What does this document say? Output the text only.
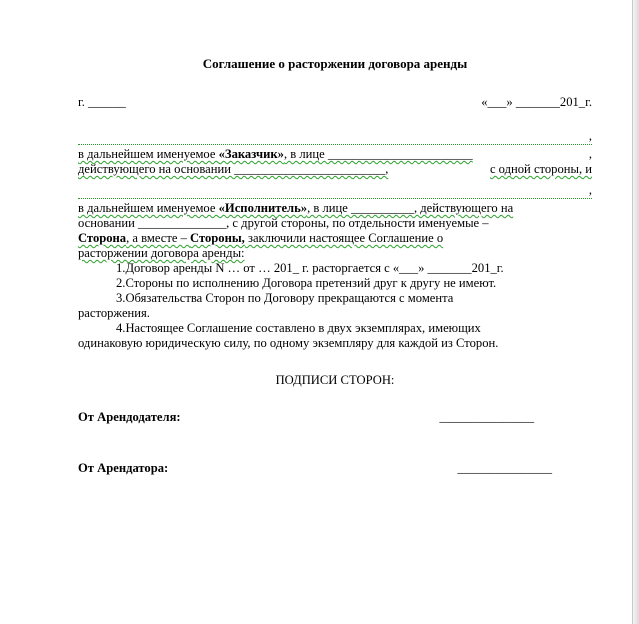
Соглашение о расторжении договора аренды
г. ______	«___» _______201_г.
,
в дальнейшем именуемое «Заказчик», в лице _______________________	,
действующего на основании ________________________,	с одной стороны, и
,
в дальнейшем именуемое «Исполнитель», в лице __________, действующего на
основании ______________, с другой стороны, по отдельности именуемые –
Сторона, а вместе – Стороны, заключили настоящее Соглашение о
расторжении договора аренды:
1.Договор аренды N … от … 201_ г. расторгается с «___» _______201_г.
2.Стороны по исполнению Договора претензий друг к другу не имеют.
3.Обязательства Сторон по Договору прекращаются с момента
расторжения.
4.Настоящее Соглашение составлено в двух экземплярах, имеющих
одинаковую юридическую силу, по одному экземпляру для каждой из Сторон.
ПОДПИСИ СТОРОН:
От Арендодателя:	_______________
От Арендатора:	_______________
